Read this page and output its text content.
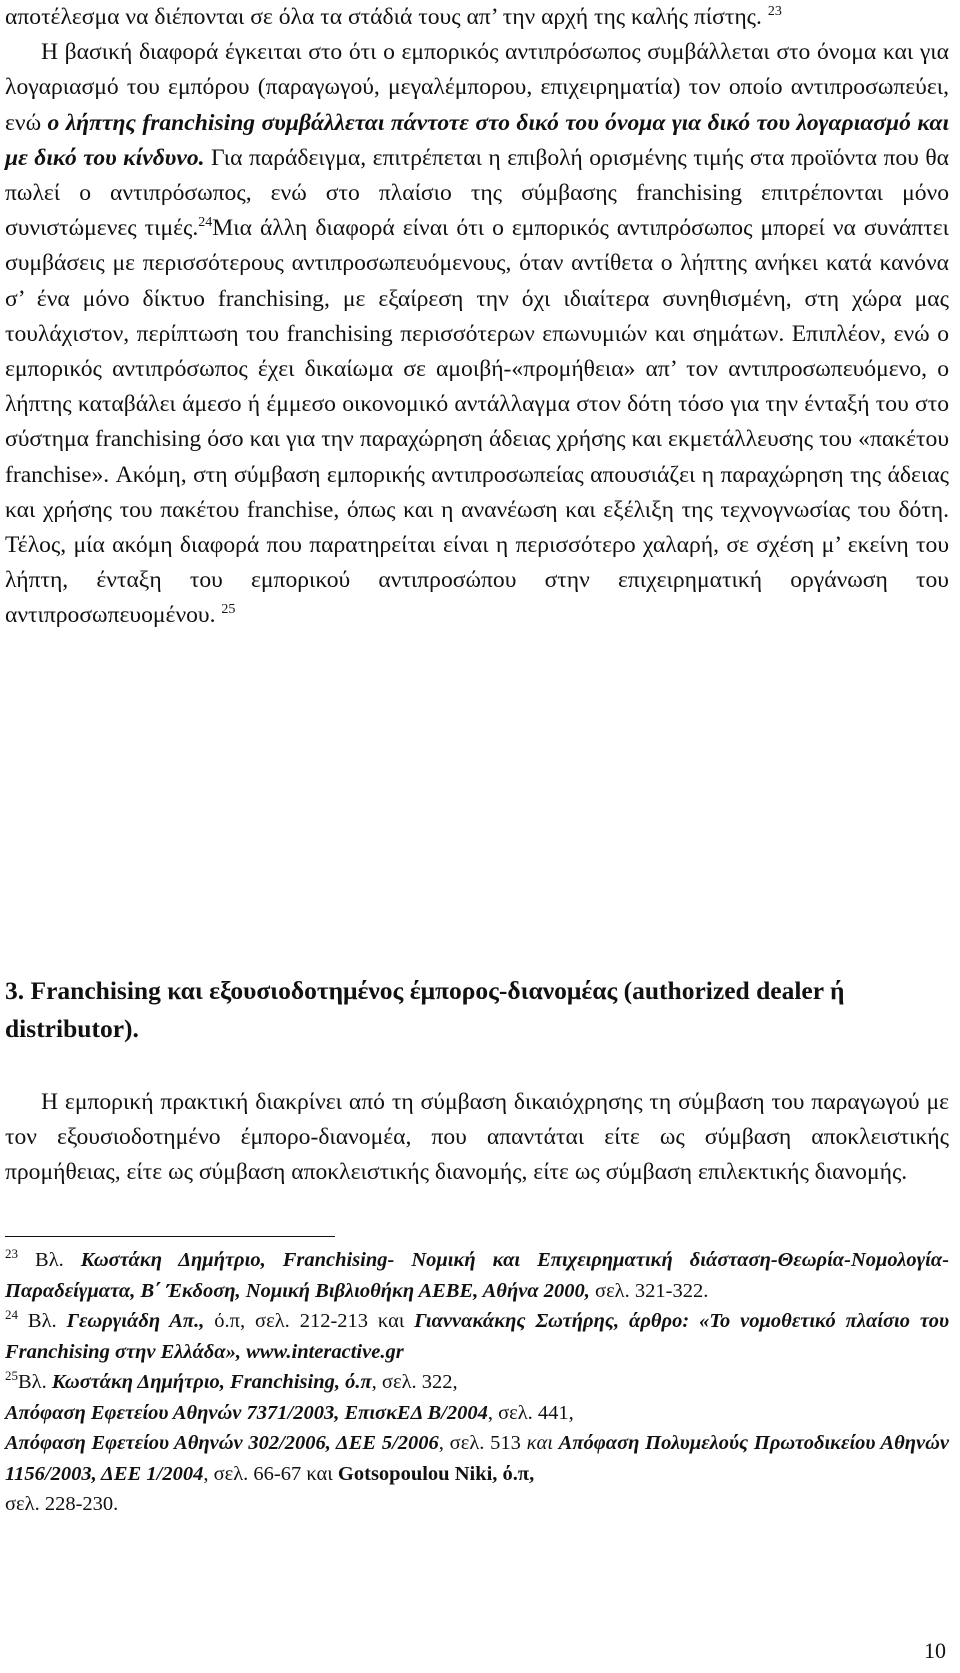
αποτέλεσμα να διέπονται σε όλα τα στάδιά τους απ’ την αρχή της καλής πίστης. $^{23}$
Η βασική διαφορά έγκειται στο ότι ο εμπορικός αντιπρόσωπος συμβάλλεται στο όνομα και για λογαριασμό του εμπόρου (παραγωγού, μεγαλέμπορου, επιχειρηματία) τον οποίο αντιπροσωπεύει, ενώ ο λήπτης franchising συμβάλλεται πάντοτε στο δικό του όνομα για δικό του λογαριασμό και με δικό του κίνδυνο. Για παράδειγμα, επιτρέπεται η επιβολή ορισμένης τιμής στα προϊόντα που θα πωλεί ο αντιπρόσωπος, ενώ στο πλαίσιο της σύμβασης franchising επιτρέπονται μόνο συνιστώμενες τιμές.$^{24}$Μια άλλη διαφορά είναι ότι ο εμπορικός αντιπρόσωπος μπορεί να συνάπτει συμβάσεις με περισσότερους αντιπροσωπευόμενους, όταν αντίθετα ο λήπτης ανήκει κατά κανόνα σ’ ένα μόνο δίκτυο franchising, με εξαίρεση την όχι ιδιαίτερα συνηθισμένη, στη χώρα μας τουλάχιστον, περίπτωση του franchising περισσότερων επωνυμιών και σημάτων. Επιπλέον, ενώ ο εμπορικός αντιπρόσωπος έχει δικαίωμα σε αμοιβή-«προμήθεια» απ’ τον αντιπροσωπευόμενο, ο λήπτης καταβάλει άμεσο ή έμμεσο οικονομικό αντάλλαγμα στον δότη τόσο για την ένταξή του στο σύστημα franchising όσο και για την παραχώρηση άδειας χρήσης και εκμετάλλευσης του «πακέτου franchise». Ακόμη, στη σύμβαση εμπορικής αντιπροσωπείας απουσιάζει η παραχώρηση της άδειας και χρήσης του πακέτου franchise, όπως και η ανανέωση και εξέλιξη της τεχνογνωσίας του δότη. Τέλος, μία ακόμη διαφορά που παρατηρείται είναι η περισσότερο χαλαρή, σε σχέση μ’ εκείνη του λήπτη, ένταξη του εμπορικού αντιπροσώπου στην επιχειρηματική οργάνωση του αντιπροσωπευομένου. $^{25}$

3. Franchising και εξουσιοδοτημένος έμπορος-διανομέας (authorized dealer ή distributor).

Η εμπορική πρακτική διακρίνει από τη σύμβαση δικαιόχρησης τη σύμβαση του παραγωγού με τον εξουσιοδοτημένο έμπορο-διανομέα, που απαντάται είτε ως σύμβαση αποκλειστικής προμήθειας, είτε ως σύμβαση αποκλειστικής διανομής, είτε ως σύμβαση επιλεκτικής διανομής.

$^{23}$ Βλ. Κωστάκη Δημήτριο, Franchising- Νομική και Επιχειρηματική διάσταση-Θεωρία-Νομολογία-Παραδείγματα, Β΄ Έκδοση, Νομική Βιβλιοθήκη ΑΕΒΕ, Αθήνα 2000, σελ. 321-322.

$^{24}$ Βλ. Γεωργιάδη Απ., ό.π, σελ. 212-213 και Γιαννακάκης Σωτήρης, άρθρο: «Το νομοθετικό πλαίσιο του Franchising στην Ελλάδα», www.interactive.gr

$^{25}$Βλ. Κωστάκη Δημήτριο, Franchising, ό.π, σελ. 322,
Απόφαση Εφετείου Αθηνών 7371/2003, ΕπισκΕΔ Β/2004, σελ. 441,
Απόφαση Εφετείου Αθηνών 302/2006, ΔΕΕ 5/2006, σελ. 513 και Απόφαση Πολυμελούς Πρωτοδικείου Αθηνών 1156/2003, ΔΕΕ 1/2004, σελ. 66-67 και Gotsopoulou Niki, ό.π,
σελ. 228-230.

10
